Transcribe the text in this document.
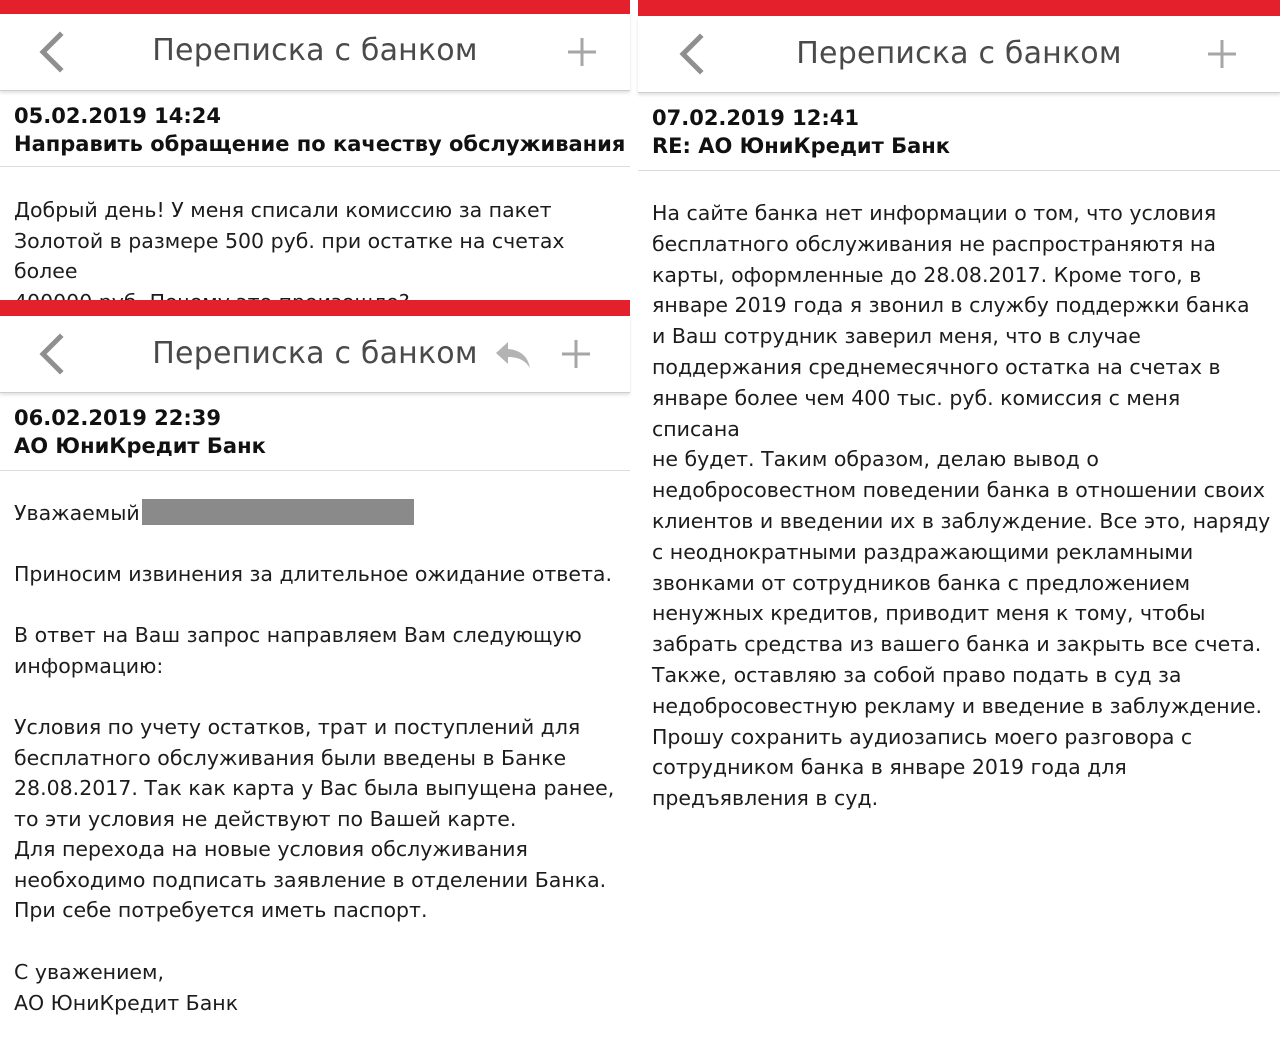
Переписка с банком
05.02.2019 14:24
Направить обращение по качеству обслуживания
Добрый день! У меня списали комиссию за пакет
Золотой в размере 500 руб. при остатке на счетах более

Переписка с банком
06.02.2019 22:39
АО ЮниКредит Банк
Уважаемый
Приносим извинения за длительное ожидание ответа.
В ответ на Ваш запрос направляем Вам следующую
информацию:
Условия по учету остатков, трат и поступлений для
бесплатного обслуживания были введены в Банке
28.08.2017. Так как карта у Вас была выпущена ранее,
то эти условия не действуют по Вашей карте.
Для перехода на новые условия обслуживания
необходимо подписать заявление в отделении Банка.
При себе потребуется иметь паспорт.
С уважением,
АО ЮниКредит Банк
Переписка с банком
07.02.2019 12:41
RE: АО ЮниКредит Банк
На сайте банка нет информации о том, что условия
бесплатного обслуживания не распространяютя на
карты, оформленные до 28.08.2017. Кроме того, в
январе 2019 года я звонил в службу поддержки банка
и Ваш сотрудник заверил меня, что в случае
поддержания среднемесячного остатка на счетах в
январе более чем 400 тыс. руб. комиссия с меня списана
не будет. Таким образом, делаю вывод о
недобросовестном поведении банка в отношении своих
клиентов и введении их в заблуждение. Все это, наряду
с неоднократными раздражающими рекламными
звонками от сотрудников банка с предложением
ненужных кредитов, приводит меня к тому, чтобы
забрать средства из вашего банка и закрыть все счета.
Также, оставляю за собой право подать в суд за
недобросовестную рекламу и введение в заблуждение.
Прошу сохранить аудиозапись моего разговора с
сотрудником банка в январе 2019 года для
предъявления в суд.
